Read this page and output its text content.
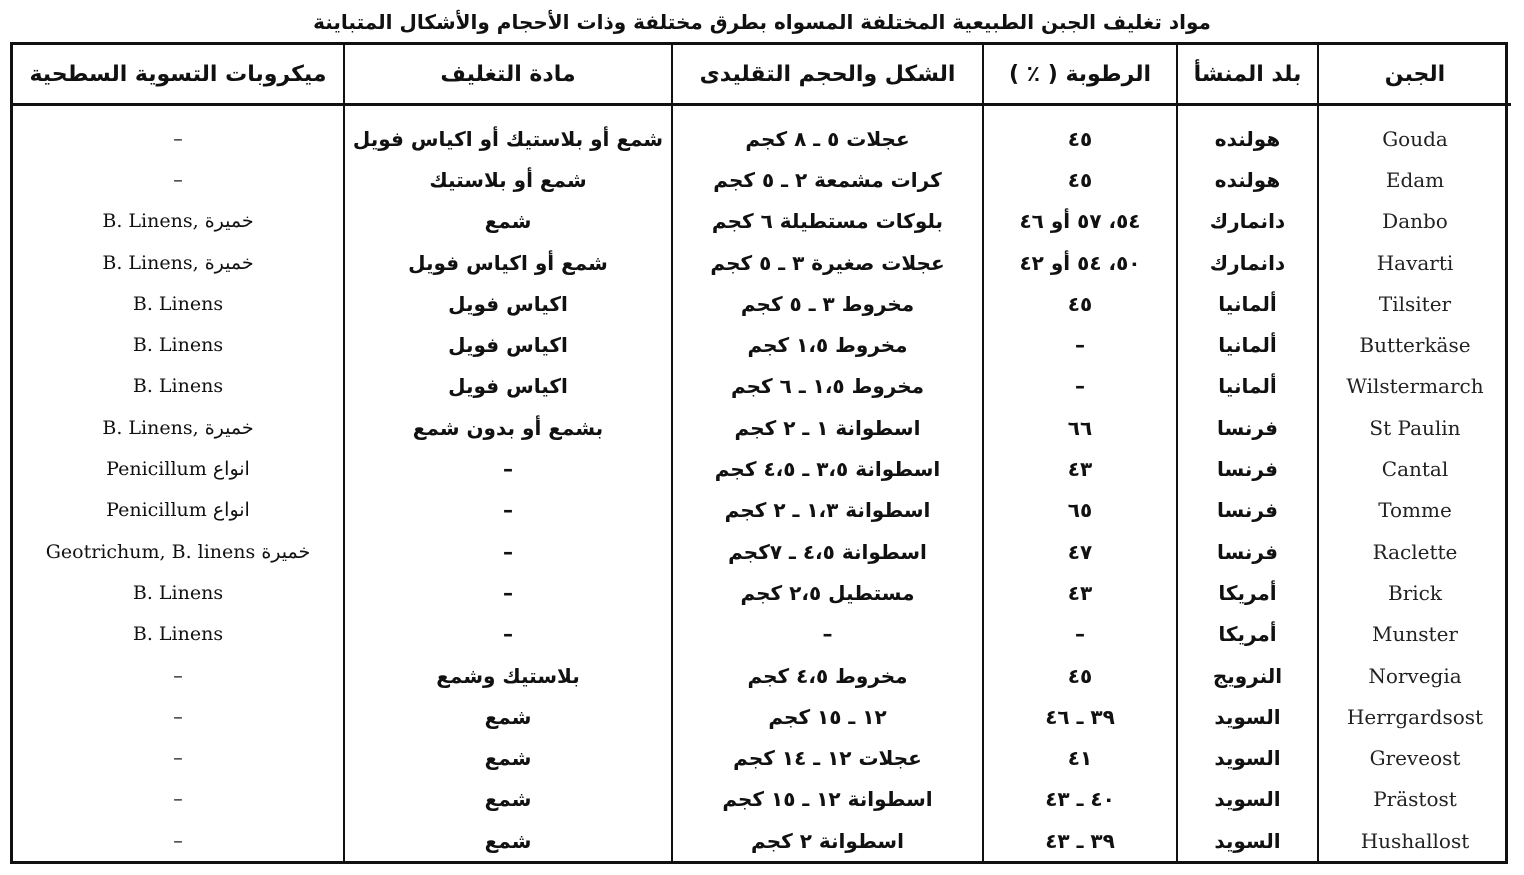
مواد تغليف الجبن الطبيعية المختلفة المسواه بطرق مختلفة وذات الأحجام والأشكال المتباينة
ميكروبات التسوية السطحية	مادة التغليف	الشكل والحجم التقليدى	الرطوبة ( ٪ )	بلد المنشأ	الجبن
–	شمع أو بلاستيك أو اكياس فويل	عجلات ٥ ـ ٨ كجم	٤٥	هولنده	Gouda
–	شمع أو بلاستيك	كرات مشمعة ٢ ـ ٥ كجم	٤٥	هولنده	Edam
B. Linens, خميرة	شمع	بلوكات مستطيلة ٦ كجم	٥٤، ٥٧ أو ٤٦	دانمارك	Danbo
B. Linens, خميرة	شمع أو اكياس فويل	عجلات صغيرة ٣ ـ ٥ كجم	٥٠، ٥٤ أو ٤٢	دانمارك	Havarti
B. Linens	اكياس فويل	مخروط ٣ ـ ٥ كجم	٤٥	ألمانيا	Tilsiter
B. Linens	اكياس فويل	مخروط ١،٥ كجم	–	ألمانيا	Butterkäse
B. Linens	اكياس فويل	مخروط ١،٥ ـ ٦ كجم	–	ألمانيا	Wilstermarch
B. Linens, خميرة	بشمع أو بدون شمع	اسطوانة ١ ـ ٢ كجم	٦٦	فرنسا	St Paulin
Penicillum انواع	–	اسطوانة ٣،٥ ـ ٤،٥ كجم	٤٣	فرنسا	Cantal
Penicillum انواع	–	اسطوانة ١،٣ ـ ٢ كجم	٦٥	فرنسا	Tomme
Geotrichum, B. linens خميرة	–	اسطوانة ٤،٥ ـ ٧كجم	٤٧	فرنسا	Raclette
B. Linens	–	مستطيل ٢،٥ كجم	٤٣	أمريكا	Brick
B. Linens	–	–	–	أمريكا	Munster
–	بلاستيك وشمع	مخروط ٤،٥ كجم	٤٥	النرويج	Norvegia
–	شمع	١٢ ـ ١٥ كجم	٣٩ ـ ٤٦	السويد	Herrgardsost
–	شمع	عجلات ١٢ ـ ١٤ كجم	٤١	السويد	Greveost
–	شمع	اسطوانة ١٢ ـ ١٥ كجم	٤٠ ـ ٤٣	السويد	Prästost
–	شمع	اسطوانة ٢ كجم	٣٩ ـ ٤٣	السويد	Hushallost
